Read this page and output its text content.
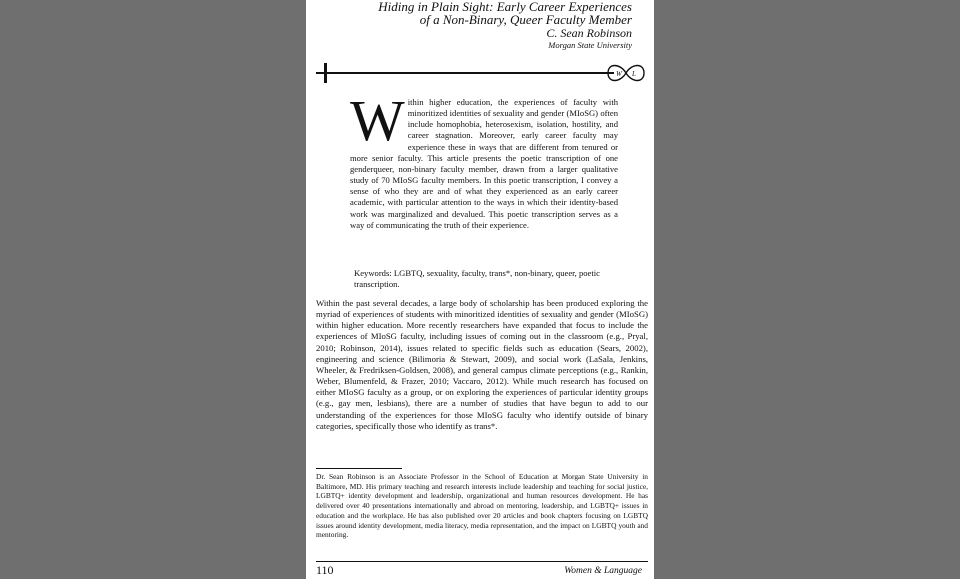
Hiding in Plain Sight: Early Career Experiences
of a Non-Binary, Queer Faculty Member
C. Sean Robinson
Morgan State University
W L
Within higher education, the experiences of faculty with minoritized identities of sexuality and gender (MIoSG) often include homophobia, heterosexism, isolation, hostility, and career stagnation. Moreover, early career faculty may experience these in ways that are different from tenured or more senior faculty. This article presents the poetic transcription of one genderqueer, non-binary faculty member, drawn from a larger qualitative study of 70 MIoSG faculty members. In this poetic transcription, I convey a sense of who they are and of what they experienced as an early career academic, with particular attention to the ways in which their identity-based work was marginalized and devalued. This poetic transcription serves as a way of communicating the truth of their experience.
Keywords: LGBTQ, sexuality, faculty, trans*, non-binary, queer, poetic transcription.
Within the past several decades, a large body of scholarship has been produced exploring the myriad of experiences of students with minoritized identities of sexuality and gender (MIoSG) within higher education. More recently researchers have expanded that focus to include the experiences of MIoSG faculty, including issues of coming out in the classroom (e.g., Pryal, 2010; Robinson, 2014), issues related to specific fields such as education (Sears, 2002), engineering and science (Bilimoria & Stewart, 2009), and social work (LaSala, Jenkins, Wheeler, & Fredriksen-Goldsen, 2008), and general campus climate perceptions (e.g., Rankin, Weber, Blumenfeld, & Frazer, 2010; Vaccaro, 2012). While much research has focused on either MIoSG faculty as a group, or on exploring the experiences of particular identity groups (e.g., gay men, lesbians), there are a number of studies that have begun to add to our understanding of the experiences for those MIoSG faculty who identify outside of binary categories, specifically those who identify as trans*.
Dr. Sean Robinson is an Associate Professor in the School of Education at Morgan State University in Baltimore, MD. His primary teaching and research interests include leadership and teaching for social justice, LGBTQ+ identity development and leadership, organizational and human resources development. He has delivered over 40 presentations internationally and abroad on mentoring, leadership, and LGBTQ+ issues in education and the workplace. He has also published over 20 articles and book chapters focusing on LGBTQ issues around identity development, media literacy, media representation, and the impact on LGBTQ youth and mentoring.
110	Women & Language
